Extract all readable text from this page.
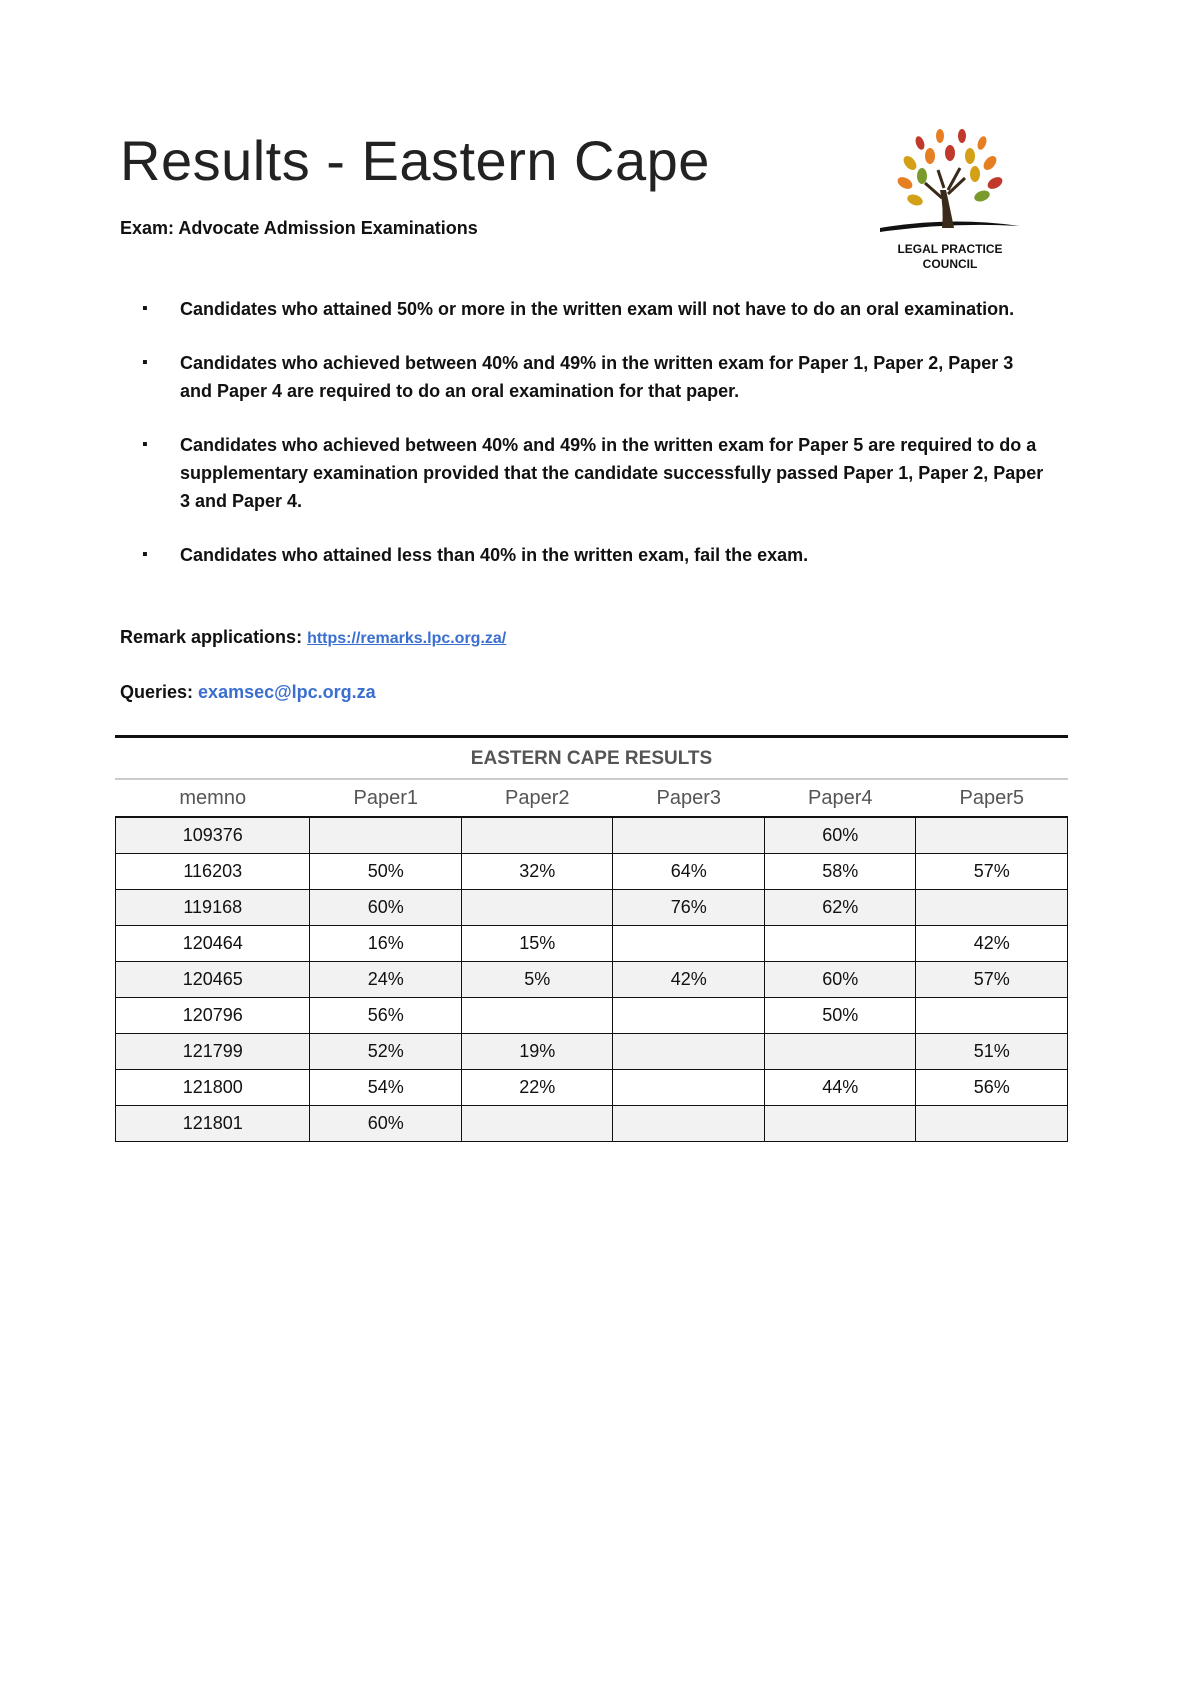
Results - Eastern Cape
LEGAL PRACTICE
COUNCIL
Exam: Advocate Admission Examinations
▪ Candidates who attained 50% or more in the written exam will not have to do an oral examination.
▪ Candidates who achieved between 40% and 49% in the written exam for Paper 1, Paper 2, Paper 3 and Paper 4 are required to do an oral examination for that paper.
▪ Candidates who achieved between 40% and 49% in the written exam for Paper 5 are required to do a supplementary examination provided that the candidate successfully passed Paper 1, Paper 2, Paper 3 and Paper 4.
▪ Candidates who attained less than 40% in the written exam, fail the exam.
Remark applications: https://remarks.lpc.org.za/
Queries: examsec@lpc.org.za
EASTERN CAPE RESULTS
memno	Paper1	Paper2	Paper3	Paper4	Paper5
109376				60%	
116203	50%	32%	64%	58%	57%
119168	60%		76%	62%	
120464	16%	15%			42%
120465	24%	5%	42%	60%	57%
120796	56%			50%	
121799	52%	19%			51%
121800	54%	22%		44%	56%
121801	60%				
